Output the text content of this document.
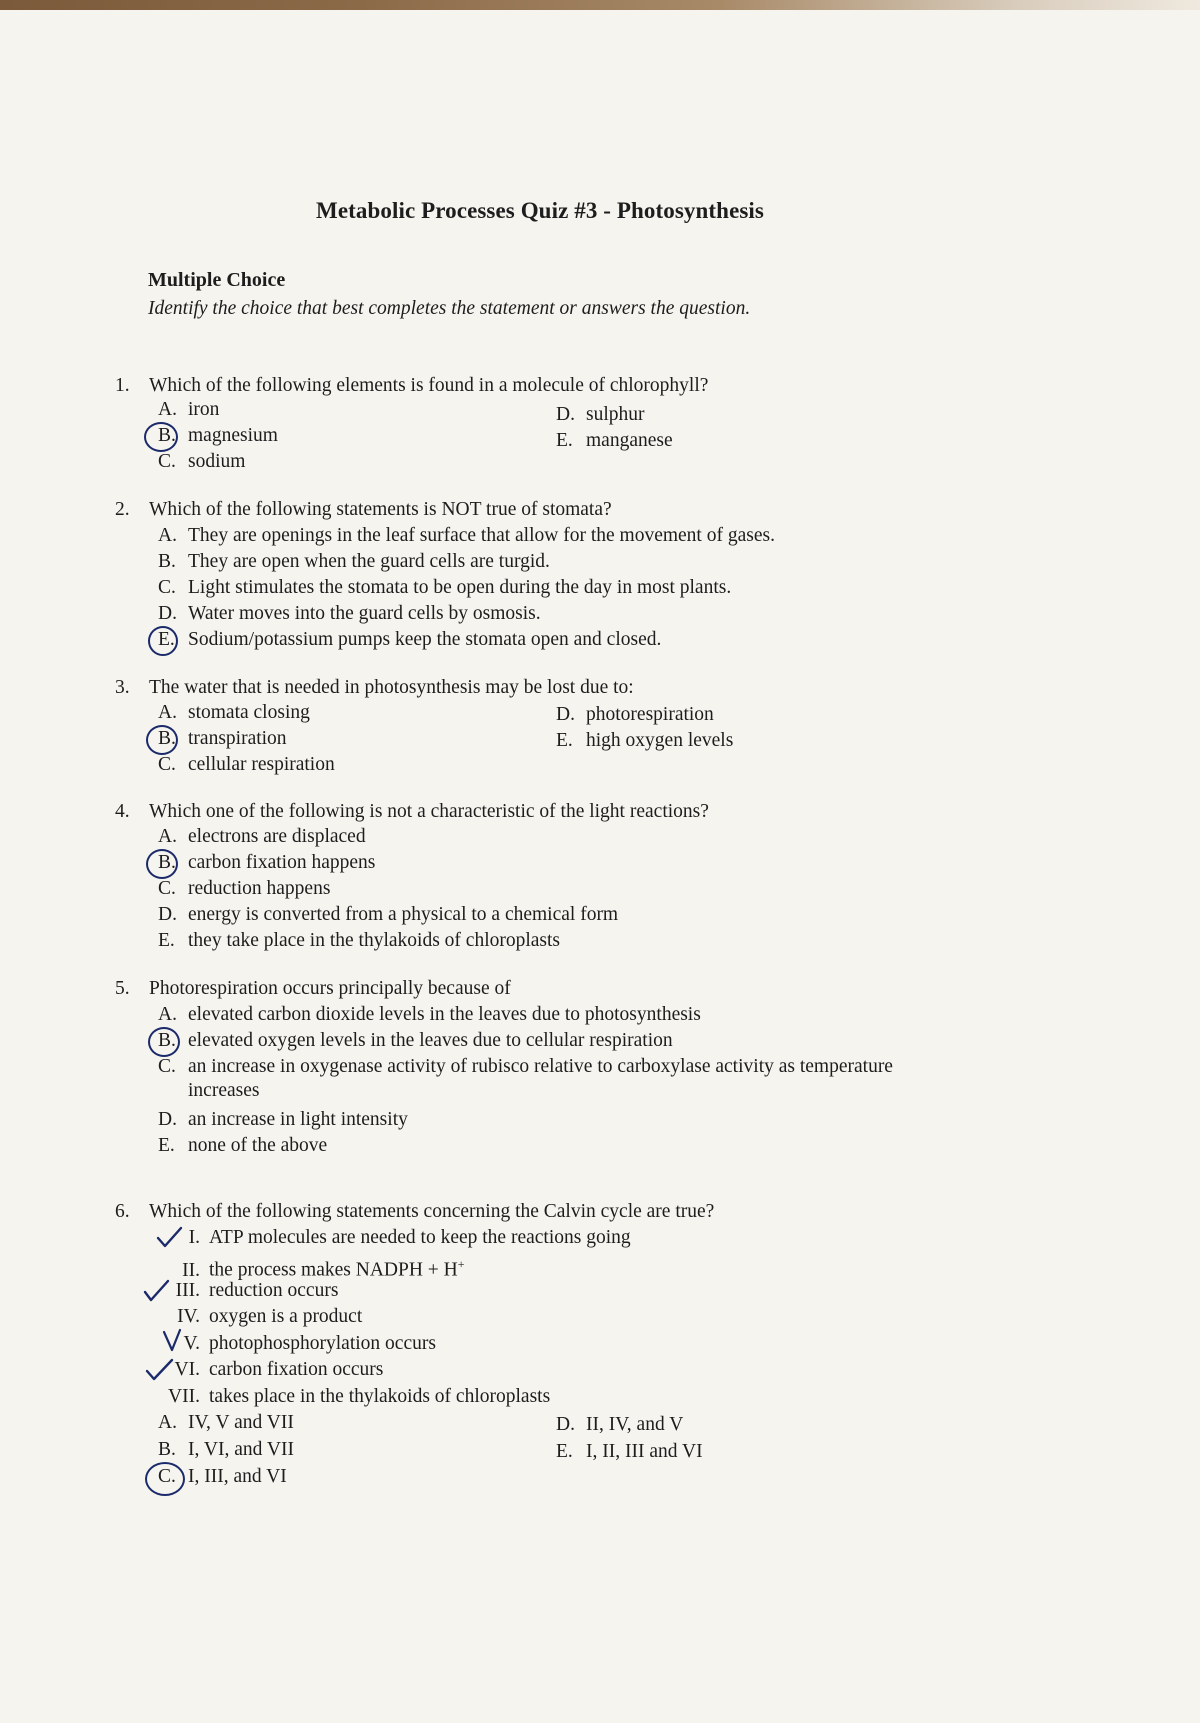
Metabolic Processes Quiz #3 - Photosynthesis
Multiple Choice
Identify the choice that best completes the statement or answers the question.
1. Which of the following elements is found in a molecule of chlorophyll?
A. iron
B. magnesium
C. sodium
D. sulphur
E. manganese
2. Which of the following statements is NOT true of stomata?
A. They are openings in the leaf surface that allow for the movement of gases.
B. They are open when the guard cells are turgid.
C. Light stimulates the stomata to be open during the day in most plants.
D. Water moves into the guard cells by osmosis.
E. Sodium/potassium pumps keep the stomata open and closed.
3. The water that is needed in photosynthesis may be lost due to:
A. stomata closing
B. transpiration
C. cellular respiration
D. photorespiration
E. high oxygen levels
4. Which one of the following is not a characteristic of the light reactions?
A. electrons are displaced
B. carbon fixation happens
C. reduction happens
D. energy is converted from a physical to a chemical form
E. they take place in the thylakoids of chloroplasts
5. Photorespiration occurs principally because of
A. elevated carbon dioxide levels in the leaves due to photosynthesis
B. elevated oxygen levels in the leaves due to cellular respiration
C. an increase in oxygenase activity of rubisco relative to carboxylase activity as temperature
increases
D. an increase in light intensity
E. none of the above
6. Which of the following statements concerning the Calvin cycle are true?
I. ATP molecules are needed to keep the reactions going
II. the process makes NADPH + H+
III. reduction occurs
IV. oxygen is a product
V. photophosphorylation occurs
VI. carbon fixation occurs
VII. takes place in the thylakoids of chloroplasts
A. IV, V and VII
B. I, VI, and VII
C. I, III, and VI
D. II, IV, and V
E. I, II, III and VI
